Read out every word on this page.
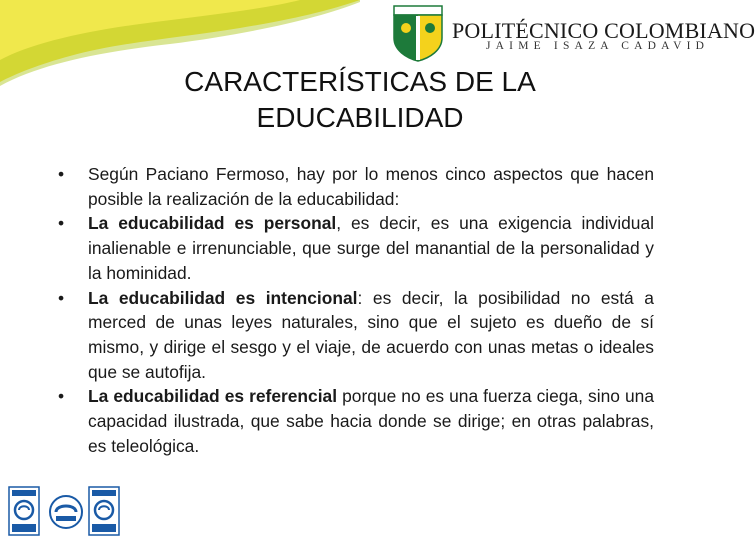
POLITÉCNICO COLOMBIANO
JAIME ISAZA CADAVID
CARACTERÍSTICAS DE LA
EDUCABILIDAD
• Según Paciano Fermoso, hay por lo menos cinco aspectos que hacen posible la realización de la educabilidad:
• La educabilidad es personal, es decir, es una exigencia individual inalienable e irrenunciable, que surge del manantial de la personalidad y la hominidad.
• La educabilidad es intencional: es decir, la posibilidad no está a merced de unas leyes naturales, sino que el sujeto es dueño de sí mismo, y dirige el sesgo y el viaje, de acuerdo con unas metas o ideales que se autofija.
• La educabilidad es referencial porque no es una fuerza ciega, sino una capacidad ilustrada, que sabe hacia donde se dirige; en otras palabras, es teleológica.
